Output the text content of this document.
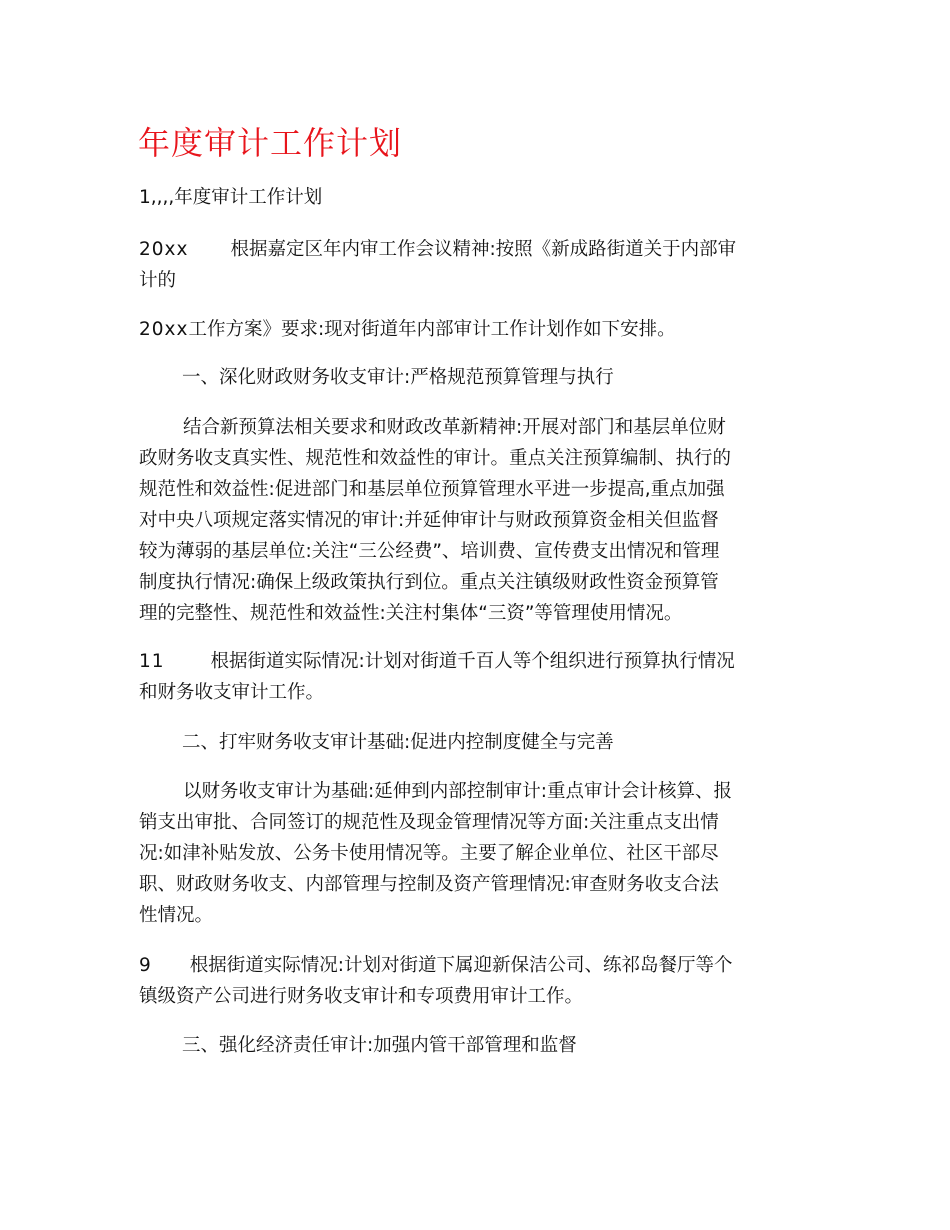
年度审计工作计划

1,,,,年度审计工作计划

20xx 根据嘉定区年内审工作会议精神:按照《新成路街道关于内部审
计的

20xx工作方案》要求:现对街道年内部审计工作计划作如下安排。

一、深化财政财务收支审计:严格规范预算管理与执行

结合新预算法相关要求和财政改革新精神:开展对部门和基层单位财
政财务收支真实性、规范性和效益性的审计。重点关注预算编制、执行的
规范性和效益性:促进部门和基层单位预算管理水平进一步提高,重点加强
对中央八项规定落实情况的审计:并延伸审计与财政预算资金相关但监督
较为薄弱的基层单位:关注“三公经费”、培训费、宣传费支出情况和管理
制度执行情况:确保上级政策执行到位。重点关注镇级财政性资金预算管
理的完整性、规范性和效益性:关注村集体“三资”等管理使用情况。

11 根据街道实际情况:计划对街道千百人等个组织进行预算执行情况
和财务收支审计工作。

二、打牢财务收支审计基础:促进内控制度健全与完善

以财务收支审计为基础:延伸到内部控制审计:重点审计会计核算、报
销支出审批、合同签订的规范性及现金管理情况等方面:关注重点支出情
况:如津补贴发放、公务卡使用情况等。主要了解企业单位、社区干部尽
职、财政财务收支、内部管理与控制及资产管理情况:审查财务收支合法
性情况。

9 根据街道实际情况:计划对街道下属迎新保洁公司、练祁岛餐厅等个
镇级资产公司进行财务收支审计和专项费用审计工作。

三、强化经济责任审计:加强内管干部管理和监督
